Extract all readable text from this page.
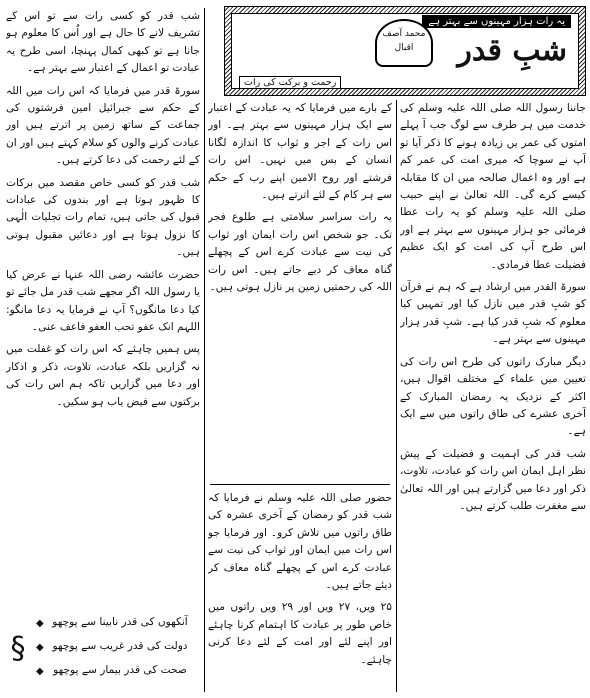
یہ رات ہزار مہینوں سے بہتر ہے
شبِ قدر
محمد آصف
اقبال
رحمت و برکت کی رات

جاننا رسول اللہ صلی اللہ علیہ وسلم کی خدمت میں ہر طرف سے لوگ جب آ پہلے امتوں کی عمر یں زیادہ ہونے کا ذکر آیا تو آپ نے سوچا کہ میری امت کی عمر کم ہے اور وہ اعمال صالحہ میں ان کا مقابلہ کیسے کرے گی۔ اللہ تعالیٰ نے اپنے حبیب صلی اللہ علیہ وسلم کو یہ رات عطا فرمائی جو ہزار مہینوں سے بہتر ہے اور اس طرح آپ کی امت کو ایک عظیم فضیلت عطا فرمادی۔

سورۃ القدر میں ارشاد ہے کہ ہم نے قرآن کو شبِ قدر میں نازل کیا اور تمہیں کیا معلوم کہ شبِ قدر کیا ہے۔ شبِ قدر ہزار مہینوں سے بہتر ہے۔

دیگر مبارک راتوں کی طرح اس رات کی تعیین میں علماء کے مختلف اقوال ہیں، اکثر کے نزدیک یہ رمضان المبارک کے آخری عشرے کی طاق راتوں میں سے ایک ہے۔

شب قدر کی اہمیت و فضیلت کے پیش نظر اہل ایمان اس رات کو عبادت، تلاوت، ذکر اور دعا میں گزارتے ہیں اور اللہ تعالیٰ سے مغفرت طلب کرتے ہیں۔

کے بارے میں فرمایا کہ یہ عبادت کے اعتبار سے ایک ہزار مہینوں سے بہتر ہے۔ اور اس رات کے اجر و ثواب کا اندازہ لگانا انسان کے بس میں نہیں۔ اس رات فرشتے اور روح الامین اپنے رب کے حکم سے ہر کام کے لئے اترتے ہیں۔

یہ رات سراسر سلامتی ہے طلوع فجر تک۔ جو شخص اس رات ایمان اور ثواب کی نیت سے عبادت کرے اس کے پچھلے گناہ معاف کر دیے جاتے ہیں۔ اس رات اللہ کی رحمتیں زمین پر نازل ہوتی ہیں۔

حضور صلی اللہ علیہ وسلم نے فرمایا کہ شب قدر کو رمضان کے آخری عشرہ کی طاق راتوں میں تلاش کرو۔ اور فرمایا جو اس رات میں ایمان اور ثواب کی نیت سے عبادت کرے اس کے پچھلے گناہ معاف کر دیئے جاتے ہیں۔

۲۵ ویں، ۲۷ ویں اور ۲۹ ویں راتوں میں خاص طور پر عبادت کا اہتمام کرنا چاہئے اور اپنے لئے اور امت کے لئے دعا کرنی چاہئے۔

شب قدر کو کسی رات سے تو اس کے تشریف لانے کا حال ہے اور اُس کا معلوم ہو جانا ہے تو کبھی کمال پہنچا، اسی طرح یہ عبادت تو اعمال کے اعتبار سے بہتر ہے۔

سورۃ قدر میں فرمایا کہ اس رات میں اللہ کے حکم سے جبرائیل امین فرشتوں کی جماعت کے ساتھ زمین پر اترتے ہیں اور عبادت کرنے والوں کو سلام کہتے ہیں اور ان کے لئے رحمت کی دعا کرتے ہیں۔

شب قدر کو کسی خاص مقصد میں برکات کا ظہور ہوتا ہے اور بندوں کی عبادات قبول کی جاتی ہیں، تمام رات تجلیات الٰہی کا نزول ہوتا ہے اور دعائیں مقبول ہوتی ہیں۔

حضرت عائشہ رضی اللہ عنہا نے عرض کیا یا رسول اللہ اگر مجھے شب قدر مل جائے تو کیا دعا مانگوں؟ آپ نے فرمایا یہ دعا مانگو: اللہم انک عفو تحب العفو فاعف عنی۔

پس ہمیں چاہئے کہ اس رات کو غفلت میں نہ گزاریں بلکہ عبادت، تلاوت، ذکر و اذکار اور دعا میں گزاریں تاکہ ہم اس رات کی برکتوں سے فیض یاب ہو سکیں۔

◆ آنکھوں کی قدر نابینا سے پوچھو
◆ دولت کی قدر غریب سے پوچھو
◆ صحت کی قدر بیمار سے پوچھو
§
